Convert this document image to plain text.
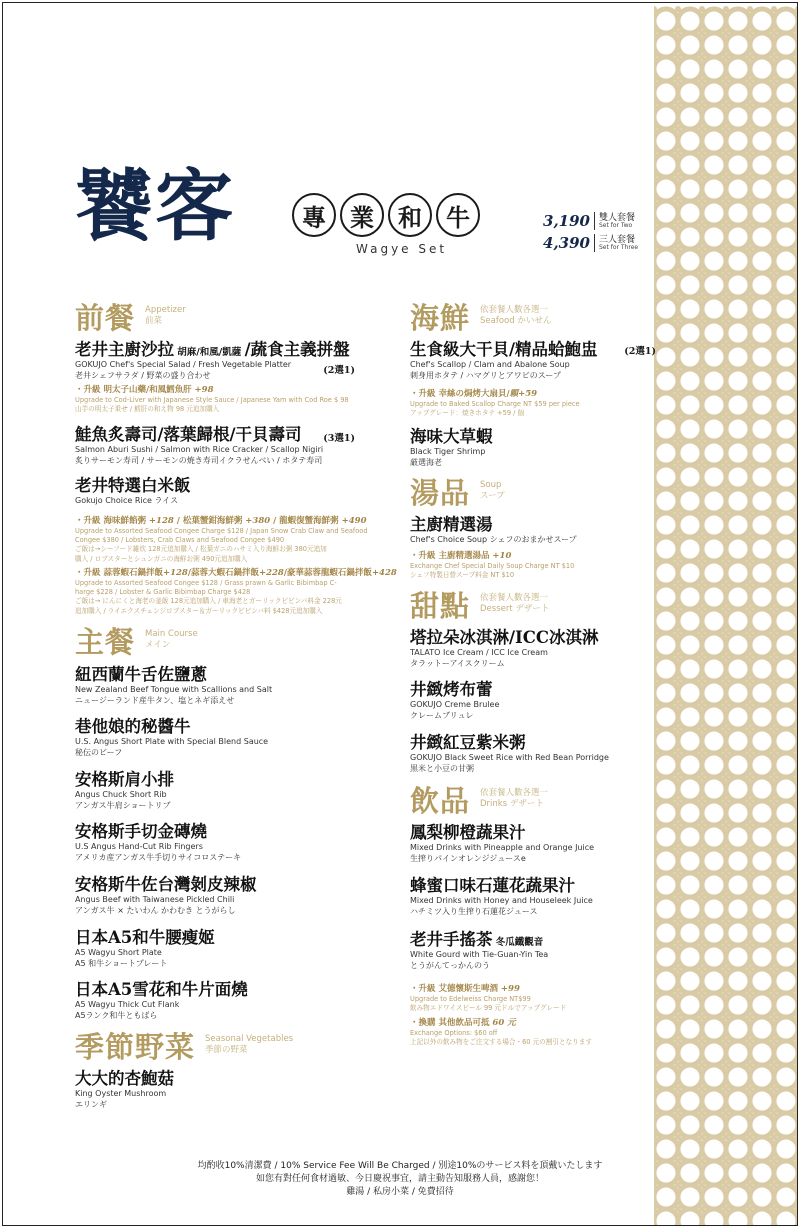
饕客	專	業	和	牛
Wagye Set
3,190 雙人套餐
Set for Two
4,390 三人套餐
Set for Three
前餐 Appetizer
前菜
老井主廚沙拉 胡麻/和風/凱薩 /蔬食主義拼盤
GOKUJO Chef's Special Salad / Fresh Vegetable Platter
老井シェフサラダ / 野菜の盛り合わせ	(2選1)
・升級 明太子山藥/和風鱈魚肝 +98
Upgrade to Cod-Liver with Japanese Style Sauce / Japanese Yam with Cod Roe $ 98
山芋の明太子乗せ / 鱈肝の和え物 98 元追加購入
鮭魚炙壽司/落葉歸根/干貝壽司
Salmon Aburi Sushi / Salmon with Rice Cracker / Scallop Nigiri
炙りサーモン寿司 / サーモンの焼き寿司イクラせんべい / ホタテ寿司
(3選1)
老井特選白米飯
Gokujo Choice Rice ライス
・升級 海味鮮餡粥 +128 / 松葉蟹鉗海鮮粥 +380 / 龍蝦復蟹海鮮粥 +490
Upgrade to Assorted Seafood Congee Charge $128 / Japan Snow Crab Claw and Seafood
Congee $380 / Lobsters, Crab Claws and Seafood Congee $490
ご飯は→シーフード雑炊 128元追加購入 / 松葉ガニのハサミ入り海鮮お粥 380元追加
購入 / ロブスターとシュンガニの海鮮お粥 490元追加購入
・升級 蒜蓉蝦石鍋拌飯+128/蒜蓉大蝦石鍋拌飯+228/豪華蒜蓉龍蝦石鍋拌飯+428
Upgrade to Assorted Seafood Congee $128 / Grass prawn & Garlic Bibimbap C-
harge $228 / Lobster & Garlic Bibimbap Charge $428
ご飯は→ にんにくと海老の釜飯 128元追加購入 / 車海老とガーリックビビンバ料金 228元
追加購入 / ライエクスチェンジロブスター＆ガーリックビビンバ料 $428元追加購入
主餐 Main Course
メイン
紐西蘭牛舌佐鹽蔥
New Zealand Beef Tongue with Scallions and Salt
ニュージーランド産牛タン、塩とネギ添えせ
巷他娘的秘醬牛
U.S. Angus Short Plate with Special Blend Sauce
秘伝のビーフ
安格斯肩小排
Angus Chuck Short Rib
アンガス牛肩ショートリブ
安格斯手切金磚燒
U.S Angus Hand-Cut Rib Fingers
アメリカ産アンガス牛手切りサイコロステーキ
安格斯牛佐台灣剝皮辣椒
Angus Beef with Taiwanese Pickled Chili
アンガス牛 × たいわん かわむき とうがらし
日本A5和牛腰瘦姬
A5 Wagyu Short Plate
A5 和牛ショートプレート
日本A5雪花和牛片面燒
A5 Wagyu Thick Cut Flank
A5ランク和牛ともばら
季節野菜 Seasonal Vegetables
季節の野菜
大大的杏鮑菇
King Oyster Mushroom
エリンギ
海鮮 依套餐人數各選一
Seafood かいせん
生食級大干貝/精品蛤鮑盅
Chef's Scallop / Clam and Abalone Soup
刺身用ホタテ / ハマグリとアワビのスープ
(2選1)
・升級 幸絲の焗烤大扇貝/顆+59
Upgrade to Baked Scallop Charge NT $59 per piece
アップグレード：焼きホタテ +59 / 個
海味大草蝦
Black Tiger Shrimp
厳選海老
湯品 Soup
スープ
主廚精選湯
Chef's Choice Soup シェフのおまかせスープ
・升級 主廚精選湯品 +10
Exchange Chef Special Daily Soup Charge NT $10
シェフ特製日替スープ料金 NT $10
甜點 依套餐人數各選一
Dessert デザート
塔拉朵冰淇淋/ICC冰淇淋
TALATO Ice Cream / ICC Ice Cream
タラットーアイスクリーム
井緻烤布蕾
GOKUJO Creme Brulee
クレームブリュレ
井緻紅豆紫米粥
GOKUJO Black Sweet Rice with Red Bean Porridge
黒米と小豆の甘粥
飲品 依套餐人數各選一
Drinks デザート
鳳梨柳橙蔬果汁
Mixed Drinks with Pineapple and Orange Juice
生搾りパインオレンジジュースe
蜂蜜口味石蓮花蔬果汁
Mixed Drinks with Honey and Houseleek Juice
ハチミツ入り生搾り石蓮花ジュース
老井手搖茶 冬瓜鐵觀音
White Gourd with Tie-Guan-Yin Tea
とうがんてっかんのう
・升級 艾德懷斯生啤酒 +99
Upgrade to Edelweiss Charge NT$99
飲み物エドワイスビール 99 元ドルでアップグレード
・換購 其他飲品可抵 60 元
Exchange Options: $60 off
上記以外の飲み物をご注文する場合・60 元の割引となります
均酌收10%清潔費 / 10% Service Fee Will Be Charged / 別途10%のサービス料を頂戴いたします
如您有對任何食材過敏、今日慶祝事宜，請主動告知服務人員，感謝您！
雞湯 / 私房小菜 / 免費招待
